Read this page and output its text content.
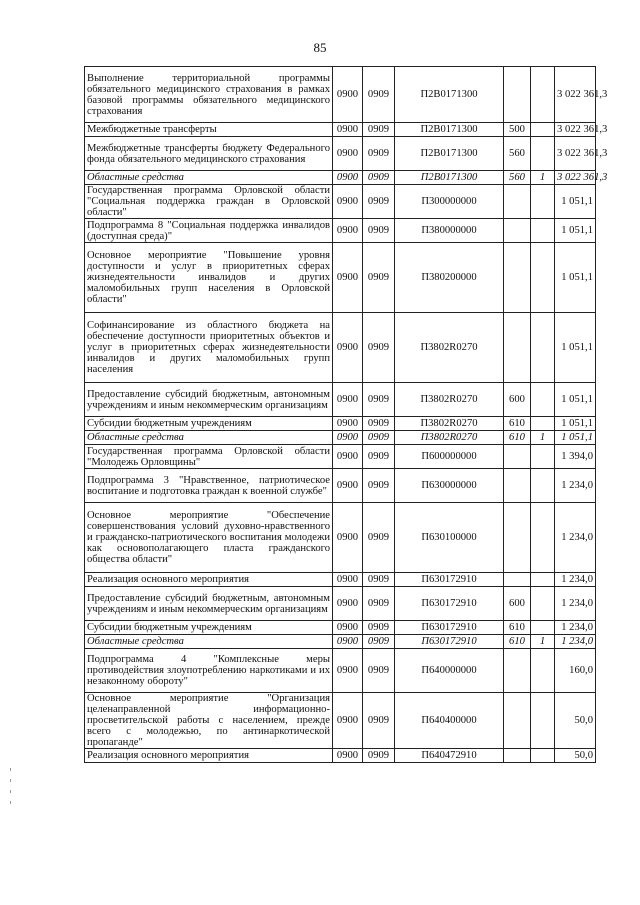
85
Выполнение территориальной программы обязательного медицинского страхования в рамках базовой программы обязательного медицинского страхования	0900	0909	П2В0171300			3 022 361,3
Межбюджетные трансферты	0900	0909	П2В0171300	500		3 022 361,3
Межбюджетные трансферты бюджету Федерального фонда обязательного медицинского страхования	0900	0909	П2В0171300	560		3 022 361,3
Областные средства	0900	0909	П2В0171300	560	1	3 022 361,3
Государственная программа Орловской области "Социальная поддержка граждан в Орловской области"	0900	0909	П300000000			1 051,1
Подпрограмма 8 "Социальная поддержка инвалидов (доступная среда)"	0900	0909	П380000000			1 051,1
Основное мероприятие "Повышение уровня доступности и услуг в приоритетных сферах жизнедеятельности инвалидов и других маломобильных групп населения в Орловской области"	0900	0909	П380200000			1 051,1
Софинансирование из областного бюджета на обеспечение доступности приоритетных объектов и услуг в приоритетных сферах жизнедеятельности инвалидов и других маломобильных групп населения	0900	0909	П3802R0270			1 051,1
Предоставление субсидий бюджетным, автономным учреждениям и иным некоммерческим организациям	0900	0909	П3802R0270	600		1 051,1
Субсидии бюджетным учреждениям	0900	0909	П3802R0270	610		1 051,1
Областные средства	0900	0909	П3802R0270	610	1	1 051,1
Государственная программа Орловской области "Молодежь Орловщины"	0900	0909	П600000000			1 394,0
Подпрограмма 3 "Нравственное, патриотическое воспитание и подготовка граждан к военной службе"	0900	0909	П630000000			1 234,0
Основное мероприятие "Обеспечение совершенствования условий духовно-нравственного и гражданско-патриотического воспитания молодежи как основополагающего пласта гражданского общества области"	0900	0909	П630100000			1 234,0
Реализация основного мероприятия	0900	0909	П630172910			1 234,0
Предоставление субсидий бюджетным, автономным учреждениям и иным некоммерческим организациям	0900	0909	П630172910	600		1 234,0
Субсидии бюджетным учреждениям	0900	0909	П630172910	610		1 234,0
Областные средства	0900	0909	П630172910	610	1	1 234,0
Подпрограмма 4 "Комплексные меры противодействия злоупотреблению наркотиками и их незаконному обороту"	0900	0909	П640000000			160,0
Основное мероприятие "Организация целенаправленной информационно-просветительской работы с населением, прежде всего с молодежью, по антинаркотической пропаганде"	0900	0909	П640400000			50,0
Реализация основного мероприятия	0900	0909	П640472910			50,0
